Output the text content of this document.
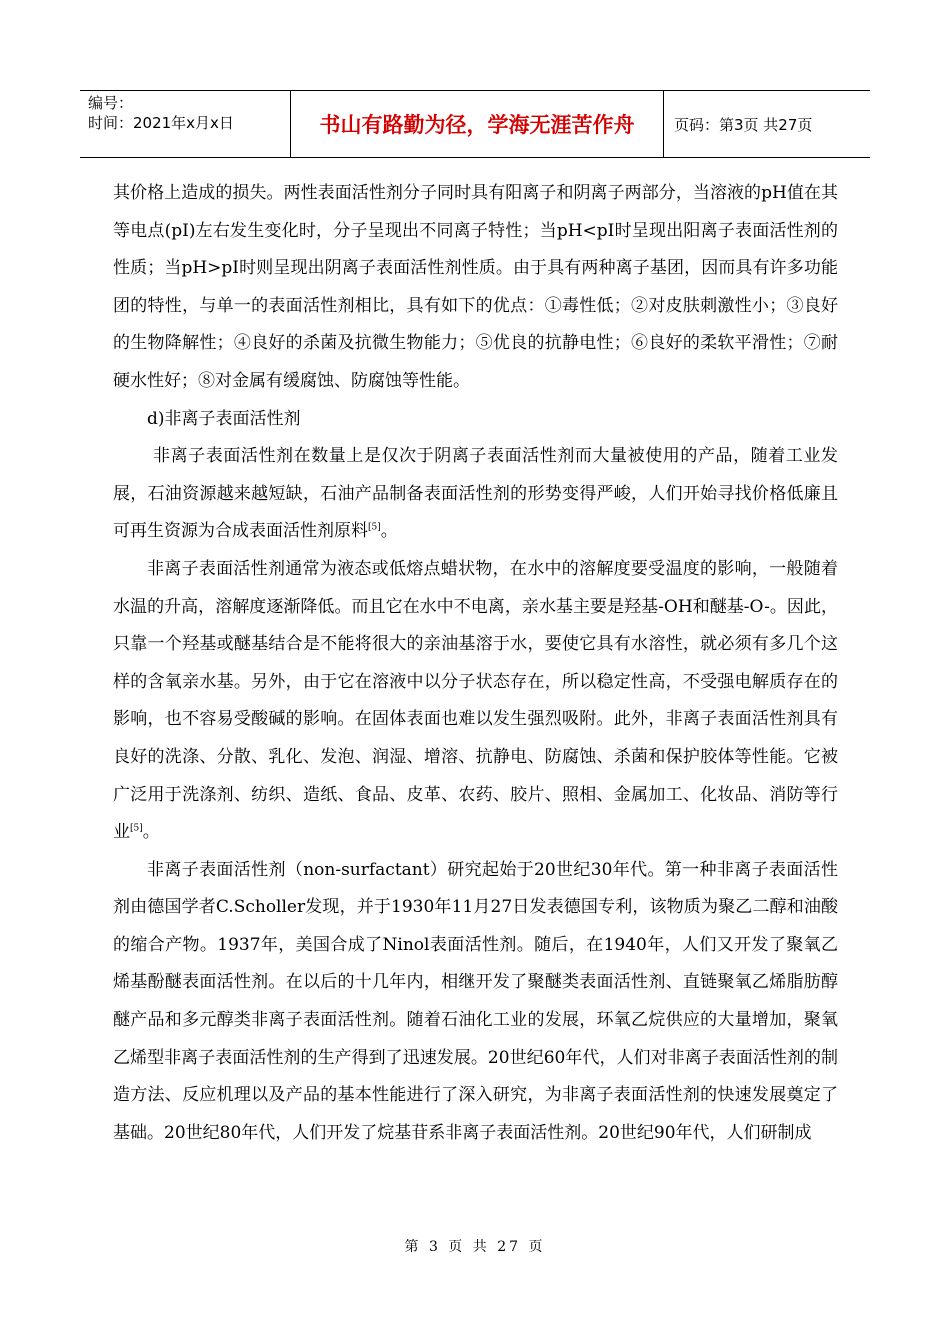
编号：
时间：2021年x月x日	书山有路勤为径，学海无涯苦作舟	页码：第3页 共27页

其价格上造成的损失。两性表面活性剂分子同时具有阳离子和阴离子两部分，当溶液的pH值在其等电点(pI)左右发生变化时，分子呈现出不同离子特性；当pH<pI时呈现出阳离子表面活性剂的性质；当pH>pI时则呈现出阴离子表面活性剂性质。由于具有两种离子基团，因而具有许多功能团的特性，与单一的表面活性剂相比，具有如下的优点：①毒性低；②对皮肤刺激性小；③良好的生物降解性；④良好的杀菌及抗微生物能力；⑤优良的抗静电性；⑥良好的柔软平滑性；⑦耐硬水性好；⑧对金属有缓腐蚀、防腐蚀等性能。

d)非离子表面活性剂

非离子表面活性剂在数量上是仅次于阴离子表面活性剂而大量被使用的产品，随着工业发展，石油资源越来越短缺，石油产品制备表面活性剂的形势变得严峻，人们开始寻找价格低廉且可再生资源为合成表面活性剂原料[5]。

非离子表面活性剂通常为液态或低熔点蜡状物，在水中的溶解度要受温度的影响，一般随着水温的升高，溶解度逐渐降低。而且它在水中不电离，亲水基主要是羟基-OH和醚基-O-。因此，只靠一个羟基或醚基结合是不能将很大的亲油基溶于水，要使它具有水溶性，就必须有多几个这样的含氧亲水基。另外，由于它在溶液中以分子状态存在，所以稳定性高，不受强电解质存在的影响，也不容易受酸碱的影响。在固体表面也难以发生强烈吸附。此外，非离子表面活性剂具有良好的洗涤、分散、乳化、发泡、润湿、增溶、抗静电、防腐蚀、杀菌和保护胶体等性能。它被广泛用于洗涤剂、纺织、造纸、食品、皮革、农药、胶片、照相、金属加工、化妆品、消防等行业[5]。

非离子表面活性剂（non-surfactant）研究起始于20世纪30年代。第一种非离子表面活性剂由德国学者C.Scholler发现，并于1930年11月27日发表德国专利，该物质为聚乙二醇和油酸的缩合产物。1937年，美国合成了Ninol表面活性剂。随后，在1940年，人们又开发了聚氧乙烯基酚醚表面活性剂。在以后的十几年内，相继开发了聚醚类表面活性剂、直链聚氧乙烯脂肪醇醚产品和多元醇类非离子表面活性剂。随着石油化工业的发展，环氧乙烷供应的大量增加，聚氧乙烯型非离子表面活性剂的生产得到了迅速发展。20世纪60年代，人们对非离子表面活性剂的制造方法、反应机理以及产品的基本性能进行了深入研究，为非离子表面活性剂的快速发展奠定了基础。20世纪80年代，人们开发了烷基苷系非离子表面活性剂。20世纪90年代，人们研制成

第 3 页 共 27 页
